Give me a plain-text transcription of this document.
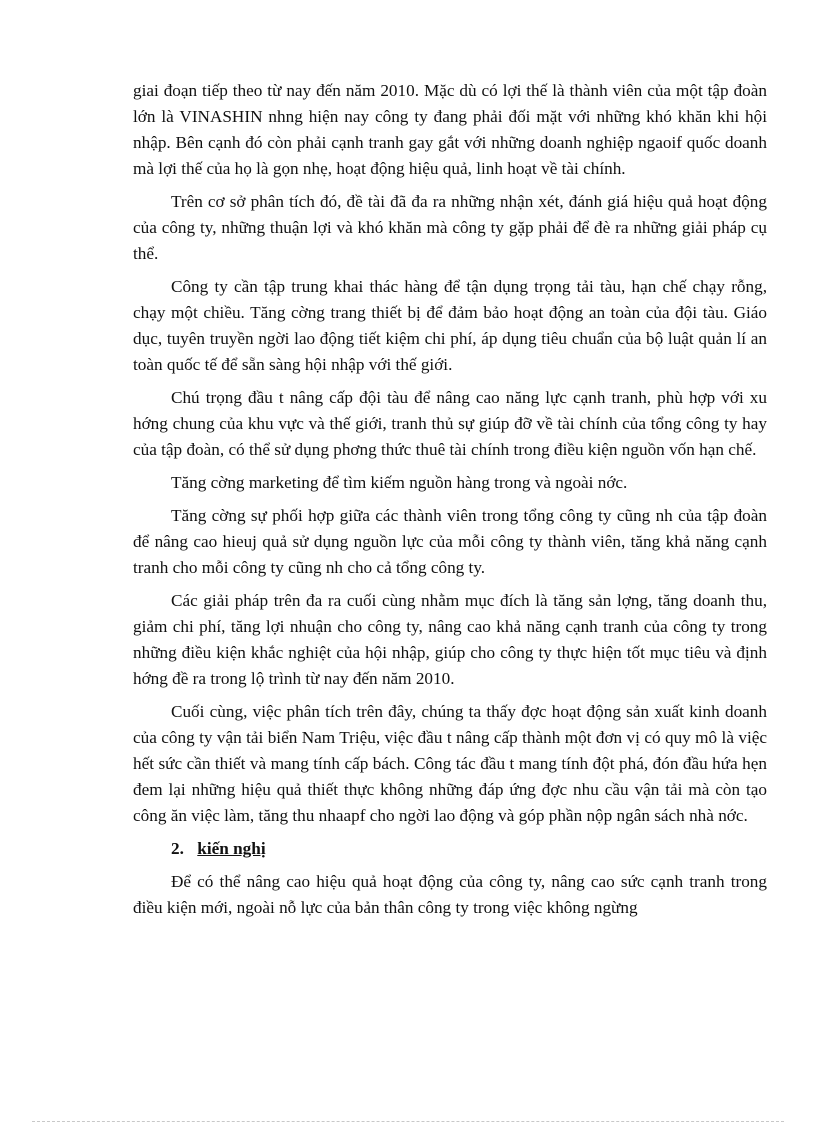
giai đoạn tiếp theo từ nay đến năm 2010. Mặc dù có lợi thế là thành viên của một tập đoàn lớn là VINASHIN nhng hiện nay công ty đang phải đối mặt với những khó khăn khi hội nhập. Bên cạnh đó còn phải cạnh tranh gay gắt với những doanh nghiệp ngaoif quốc doanh mà lợi thế của họ là gọn nhẹ, hoạt động hiệu quả, linh hoạt về tài chính.

Trên cơ sở phân tích đó, đề tài đã đa ra những nhận xét, đánh giá hiệu quả hoạt động của công ty, những thuận lợi và khó khăn mà công ty gặp phải để đè ra những giải pháp cụ thể.

Công ty cần tập trung khai thác hàng để tận dụng trọng tải tàu, hạn chế chạy rỗng, chạy một chiều. Tăng cờng trang thiết bị để đảm bảo hoạt động an toàn của đội tàu. Giáo dục, tuyên truyền ngời lao động tiết kiệm chi phí, áp dụng tiêu chuẩn của bộ luật quản lí an toàn quốc tế để sẵn sàng hội nhập với thế giới.

Chú trọng đầu t nâng cấp đội tàu để nâng cao năng lực cạnh tranh, phù hợp với xu hớng chung của khu vực và thế giới, tranh thủ sự giúp đỡ về tài chính của tổng công ty hay của tập đoàn, có thể sử dụng phơng thức thuê tài chính trong điều kiện nguồn vốn hạn chế.

Tăng cờng marketing để tìm kiếm nguồn hàng trong và ngoài nớc.

Tăng cờng sự phối hợp giữa các thành viên trong tổng công ty cũng nh của tập đoàn để nâng cao hieuj quả sử dụng nguồn lực của mỗi công ty thành viên, tăng khả năng cạnh tranh cho mỗi công ty cũng nh cho cả tổng công ty.

Các giải pháp trên đa ra cuối cùng nhằm mục đích là tăng sản lợng, tăng doanh thu, giảm chi phí, tăng lợi nhuận cho công ty, nâng cao khả năng cạnh tranh của công ty trong những điều kiện khắc nghiệt của hội nhập, giúp cho công ty thực hiện tốt mục tiêu và định hớng đề ra trong lộ trình từ nay đến năm 2010.

Cuối cùng, việc phân tích trên đây, chúng ta thấy đợc hoạt động sản xuất kinh doanh của công ty vận tải biển Nam Triệu, việc đầu t nâng cấp thành một đơn vị có quy mô là việc hết sức cần thiết và mang tính cấp bách. Công tác đầu t mang tính đột phá, đón đầu hứa hẹn đem lại những hiệu quả thiết thực không những đáp ứng đợc nhu cầu vận tải mà còn tạo công ăn việc làm, tăng thu nhaapf cho ngời lao động và góp phần nộp ngân sách nhà nớc.

2. kiến nghị

Để có thể nâng cao hiệu quả hoạt động của công ty, nâng cao sức cạnh tranh trong điều kiện mới, ngoài nỗ lực của bản thân công ty trong việc không ngừng
